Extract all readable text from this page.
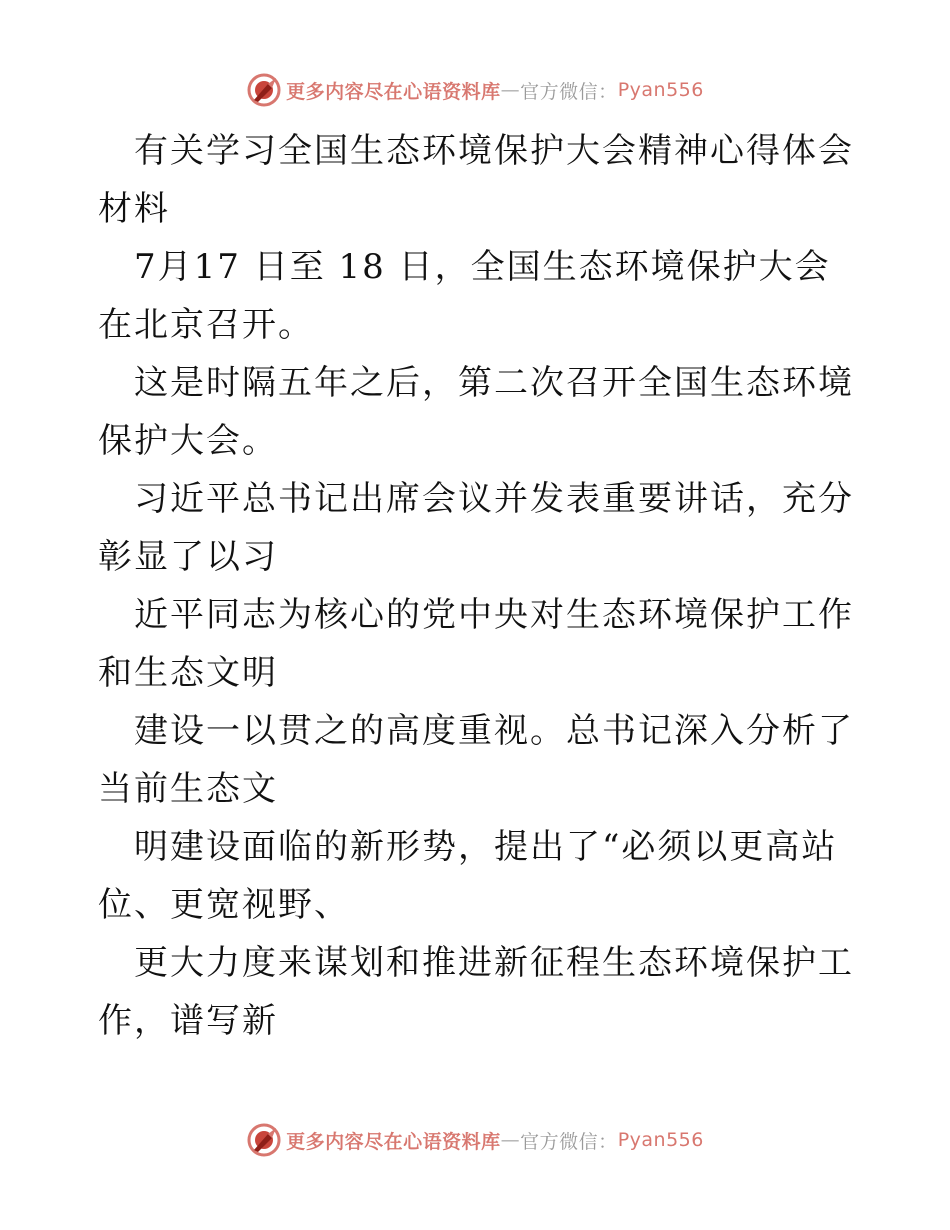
更多内容尽在心语资料库 — 官方微信： Pyan556

有关学习全国生态环境保护大会精神心得体会材料

7月17 日至 18 日，全国生态环境保护大会在北京召开。

这是时隔五年之后，第二次召开全国生态环境保护大会。

习近平总书记出席会议并发表重要讲话，充分彰显了以习

近平同志为核心的党中央对生态环境保护工作和生态文明

建设一以贯之的高度重视。总书记深入分析了当前生态文

明建设面临的新形势，提出了“必须以更高站位、更宽视野、

更大力度来谋划和推进新征程生态环境保护工作，谱写新

更多内容尽在心语资料库 — 官方微信： Pyan556
